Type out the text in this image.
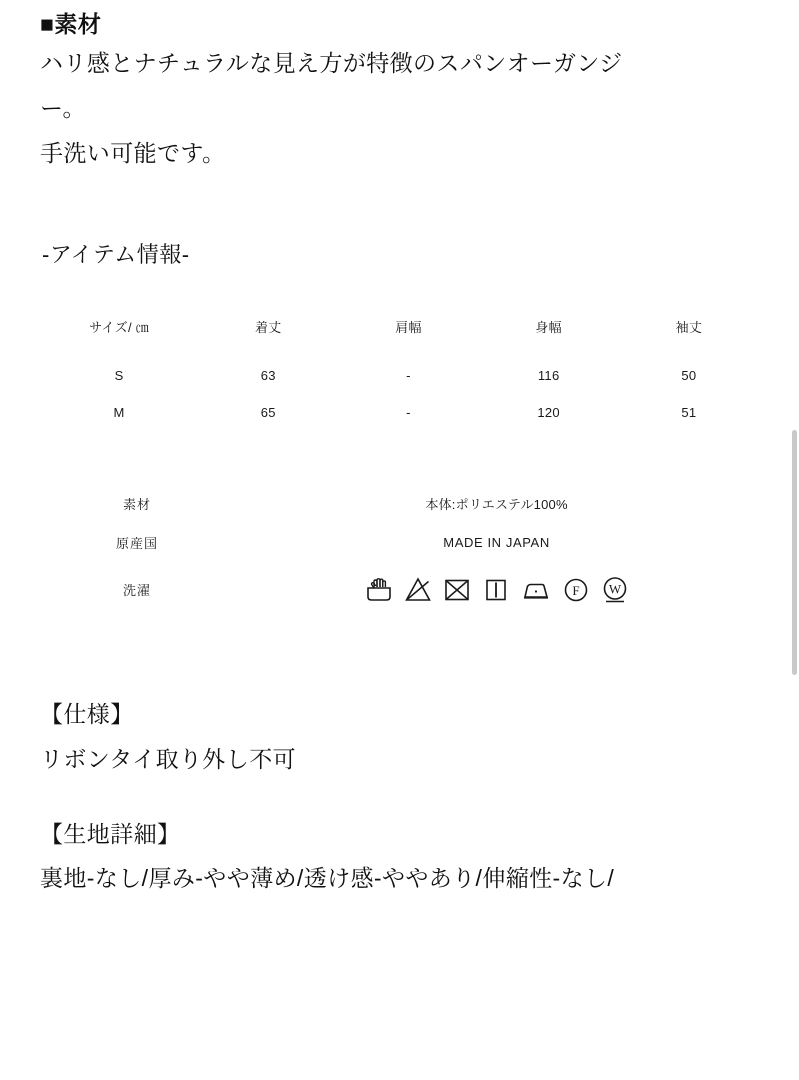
■素材

ハリ感とナチュラルな見え方が特徴のスパンオーガンジ

ー。

手洗い可能です。

-アイテム情報-

サイズ/ ㎝	着丈	肩幅	身幅	袖丈
S	63	-	116	50
M	65	-	120	51
素材	本体:ポリエステル100%
原産国	MADE IN JAPAN
洗濯	F W

【仕様】

リボンタイ取り外し不可

【生地詳細】

裏地-なし/厚み-やや薄め/透け感-ややあり/伸縮性-なし/
